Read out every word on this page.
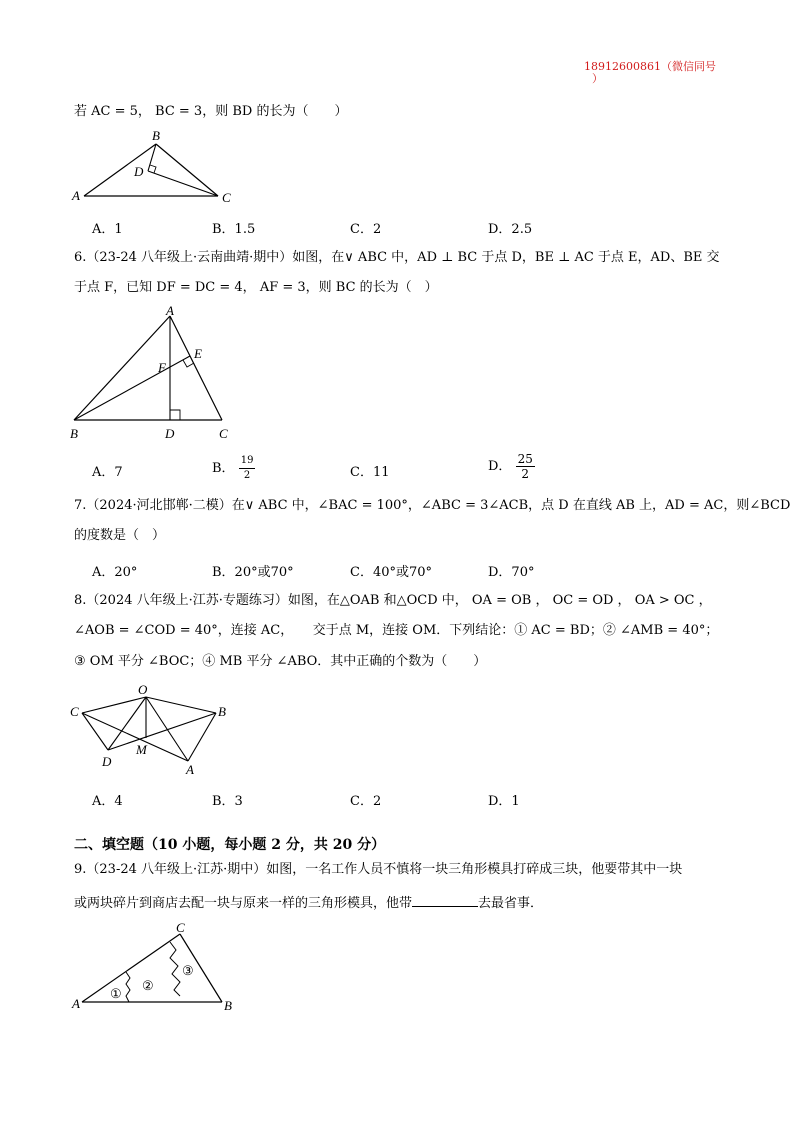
18912600861（微信同号
）
若 AC = 5， BC = 3，则 BD 的长为（　　）
B
D
A	C
A．1	B．1.5	C．2	D．2.5
6.（23-24 八年级上·云南曲靖·期中）如图，在∨ ABC 中，AD ⊥ BC 于点 D，BE ⊥ AC 于点 E，AD、BE 交
于点 F，已知 DF = DC = 4， AF = 3，则 BC 的长为（　）
A
E
F
B	D	C
A．7	B． $\frac{19}{2}$	C．11	D． $\frac{25}{2}$
7.（2024·河北邯郸·二模）在∨ ABC 中，∠BAC = 100°，∠ABC = 3∠ACB，点 D 在直线 AB 上，AD = AC，则∠BCD
的度数是（　）
A．20°	B．20°或70°	C．40°或70°	D．70°
8.（2024 八年级上·江苏·专题练习）如图，在△OAB 和△OCD 中， OA = OB ， OC = OD ， OA > OC ，
∠AOB = ∠COD = 40°，连接 AC，　　交于点 M，连接 OM．下列结论：① AC = BD；② ∠AMB = 40°；
③ OM 平分 ∠BOC；④ MB 平分 ∠ABO．其中正确的个数为（　　）
O
C	B
M
D
A
A．4	B．3	C．2	D．1
二、填空题（10 小题，每小题 2 分，共 20 分）
9.（23-24 八年级上·江苏·期中）如图，一名工作人员不慎将一块三角形模具打碎成三块，他要带其中一块
或两块碎片到商店去配一块与原来一样的三角形模具，他带	去最省事．
C
①
②
③
A	B
